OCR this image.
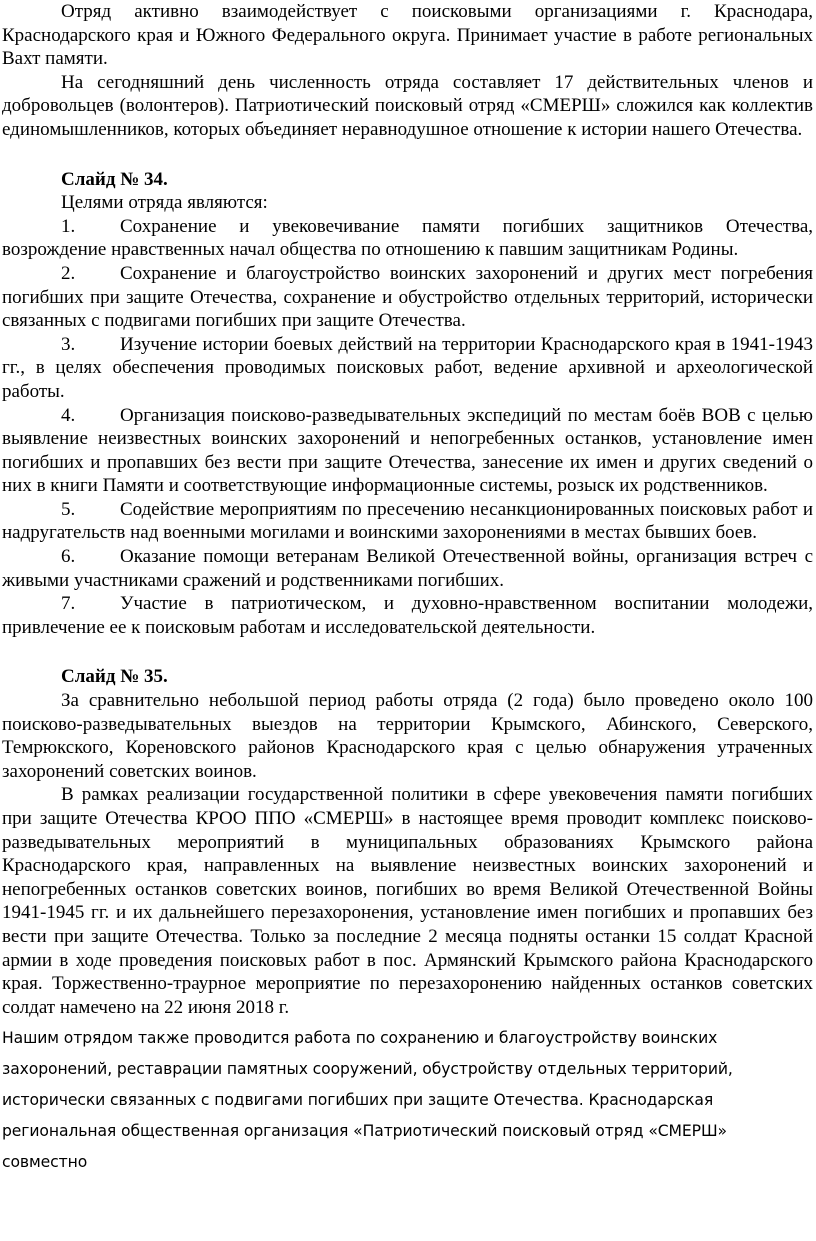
Отряд активно взаимодействует с поисковыми организациями г. Краснодара, Краснодарского края и Южного Федерального округа. Принимает участие в работе региональных Вахт памяти.

На сегодняшний день численность отряда составляет 17 действительных членов и добровольцев (волонтеров). Патриотический поисковый отряд «СМЕРШ» сложился как коллектив единомышленников, которых объединяет неравнодушное отношение к истории нашего Отечества.

Слайд № 34.

Целями отряда являются:

1. Сохранение и увековечивание памяти погибших защитников Отечества, возрождение нравственных начал общества по отношению к павшим защитникам Родины.

2. Сохранение и благоустройство воинских захоронений и других мест погребения погибших при защите Отечества, сохранение и обустройство отдельных территорий, исторически связанных с подвигами погибших при защите Отечества.

3. Изучение истории боевых действий на территории Краснодарского края в 1941-1943 гг., в целях обеспечения проводимых поисковых работ, ведение архивной и археологической работы.

4. Организация поисково-разведывательных экспедиций по местам боёв ВОВ с целью выявление неизвестных воинских захоронений и непогребенных останков, установление имен погибших и пропавших без вести при защите Отечества, занесение их имен и других сведений о них в книги Памяти и соответствующие информационные системы, розыск их родственников.

5. Содействие мероприятиям по пресечению несанкционированных поисковых работ и надругательств над военными могилами и воинскими захоронениями в местах бывших боев.

6. Оказание помощи ветеранам Великой Отечественной войны, организация встреч с живыми участниками сражений и родственниками погибших.

7. Участие в патриотическом, и духовно-нравственном воспитании молодежи, привлечение ее к поисковым работам и исследовательской деятельности.

Слайд № 35.

За сравнительно небольшой период работы отряда (2 года) было проведено около 100 поисково-разведывательных выездов на территории Крымского, Абинского, Северского, Темрюкского, Кореновского районов Краснодарского края с целью обнаружения утраченных захоронений советских воинов.

В рамках реализации государственной политики в сфере увековечения памяти погибших при защите Отечества КРОО ППО «СМЕРШ» в настоящее время проводит комплекс поисково-разведывательных мероприятий в муниципальных образованиях Крымского района Краснодарского края, направленных на выявление неизвестных воинских захоронений и непогребенных останков советских воинов, погибших во время Великой Отечественной Войны 1941-1945 гг. и их дальнейшего перезахоронения, установление имен погибших и пропавших без вести при защите Отечества. Только за последние 2 месяца подняты останки 15 солдат Красной армии в ходе проведения поисковых работ в пос. Армянский Крымского района Краснодарского края. Торжественно-траурное мероприятие по перезахоронению найденных останков советских солдат намечено на 22 июня 2018 г.

Нашим отрядом также проводится работа по сохранению и благоустройству воинских захоронений, реставрации памятных сооружений, обустройству отдельных территорий, исторически связанных с подвигами погибших при защите Отечества. Краснодарская региональная общественная организация «Патриотический поисковый отряд «СМЕРШ» совместно
